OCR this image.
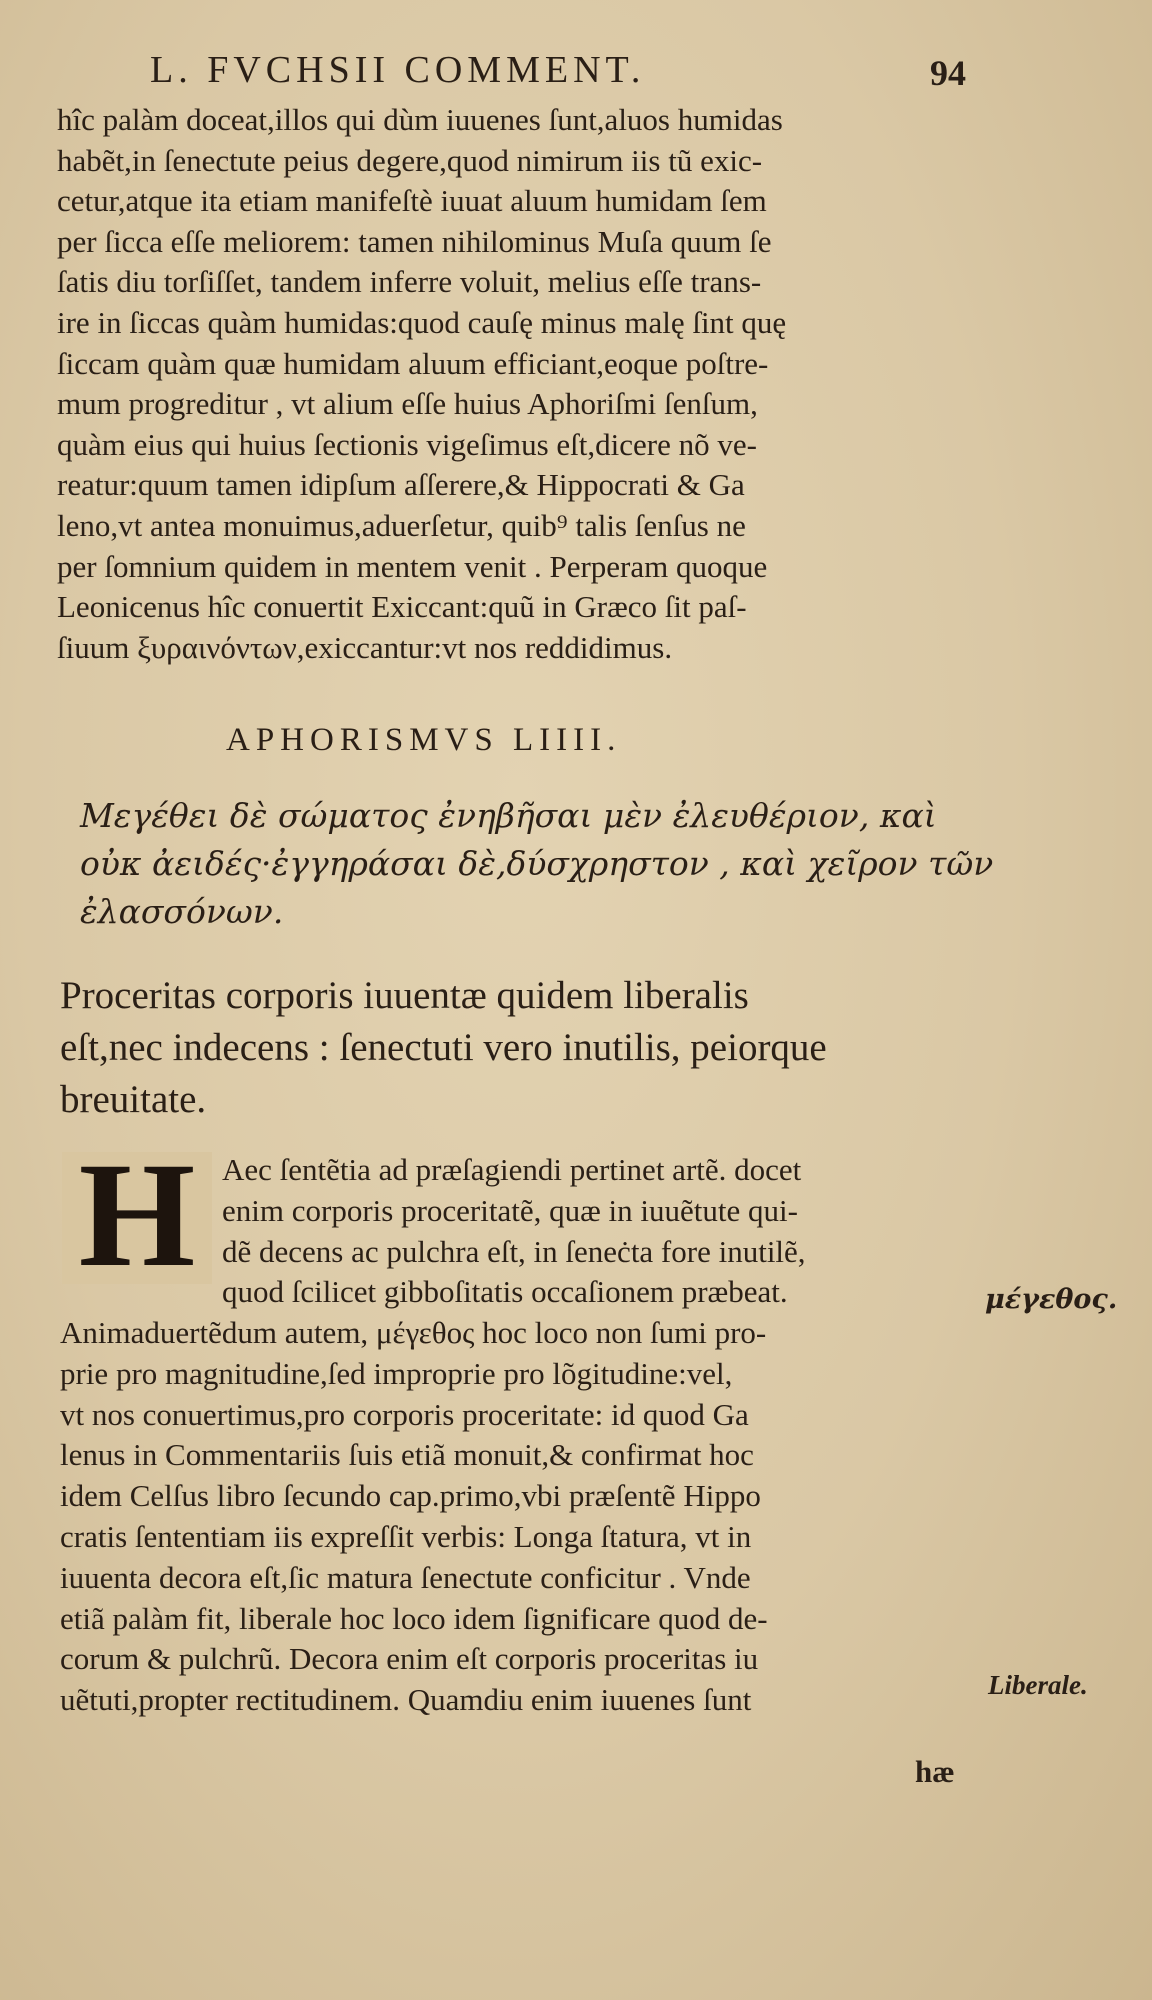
L. FVCHSII COMMENT.	94
hîc palàm doceat,illos qui dùm iuuenes ſunt,aluos humidas
habẽt,in ſenectute peius degere,quod nimirum iis tũ exic-
cetur,atque ita etiam manifeſtè iuuat aluum humidam ſem
per ſicca eſſe meliorem: tamen nihilominus Muſa quum ſe
ſatis diu torſiſſet, tandem inferre voluit, melius eſſe trans-
ire in ſiccas quàm humidas:quod cauſę minus malę ſint quę
ſiccam quàm quæ humidam aluum efficiant,eoque poſtre-
mum progreditur , vt alium eſſe huius Aphoriſmi ſenſum,
quàm eius qui huius ſectionis vigeſimus eſt,dicere nõ ve-
reatur:quum tamen idipſum aſſerere,& Hippocrati & Ga
leno,vt antea monuimus,aduerſetur, quib⁹ talis ſenſus ne
per ſomnium quidem in mentem venit . Perperam quoque
Leonicenus hîc conuertit Exiccant:quũ in Græco ſit paſ-
ſiuum ξυραινόντων,exiccantur:vt nos reddidimus.
APHORISMVS LIIII.
Μεγέθει δὲ σώματος ἐνηβῆσαι μὲν ἐλευθέριον, καὶ
οὐκ ἀειδές·ἐγγηράσαι δὲ,δύσχρηστον , καὶ χεῖρον τῶν
ἐλασσόνων.
Proceritas corporis iuuentæ quidem liberalis
eſt,nec indecens : ſenectuti vero inutilis, peiorque
breuitate.
H Aec ſentẽtia ad præſagiendi pertinet artẽ. docet
enim corporis proceritatẽ, quæ in iuuẽtute qui-
dẽ decens ac pulchra eſt, in ſeneċta fore inutilẽ,
quod ſcilicet gibboſitatis occaſionem præbeat.
Animaduertẽdum autem, μέγεθος hoc loco non ſumi pro-
prie pro magnitudine,ſed improprie pro lõgitudine:vel,
vt nos conuertimus,pro corporis proceritate: id quod Ga
lenus in Commentariis ſuis etiã monuit,& confirmat hoc
idem Celſus libro ſecundo cap.primo,vbi præſentẽ Hippo
cratis ſententiam iis expreſſit verbis: Longa ſtatura, vt in
iuuenta decora eſt,ſic matura ſenectute conficitur . Vnde
etiã palàm fit, liberale hoc loco idem ſignificare quod de-
corum & pulchrũ. Decora enim eſt corporis proceritas iu
uẽtuti,propter rectitudinem. Quamdiu enim iuuenes ſunt
hæ
μέγεθος.
Liberale.
